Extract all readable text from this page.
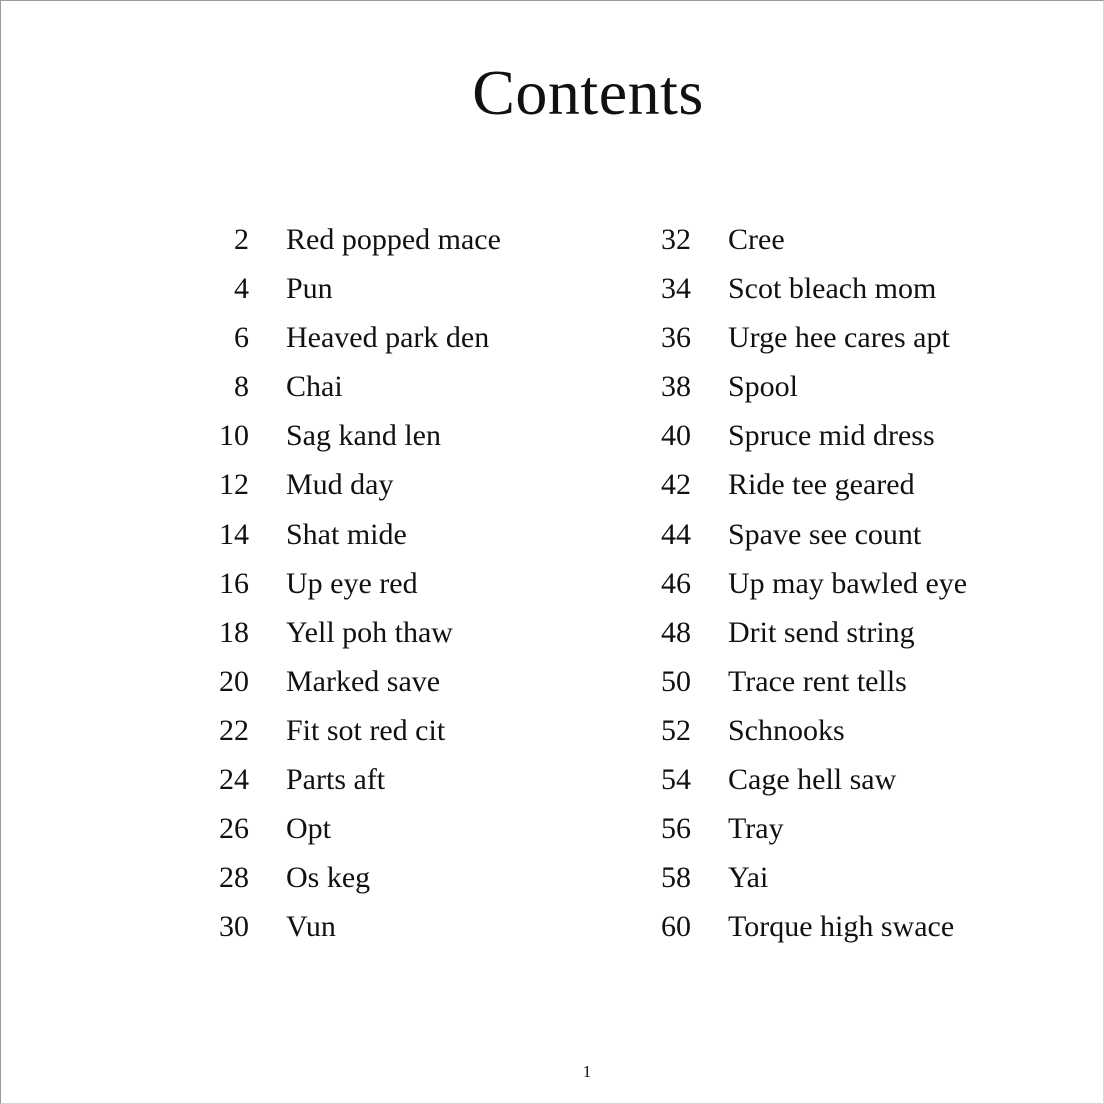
Contents
2 Red popped mace
4 Pun
6 Heaved park den
8 Chai
10 Sag kand len
12 Mud day
14 Shat mide
16 Up eye red
18 Yell poh thaw
20 Marked save
22 Fit sot red cit
24 Parts aft
26 Opt
28 Os keg
30 Vun
32 Cree
34 Scot bleach mom
36 Urge hee cares apt
38 Spool
40 Spruce mid dress
42 Ride tee geared
44 Spave see count
46 Up may bawled eye
48 Drit send string
50 Trace rent tells
52 Schnooks
54 Cage hell saw
56 Tray
58 Yai
60 Torque high swace
1
